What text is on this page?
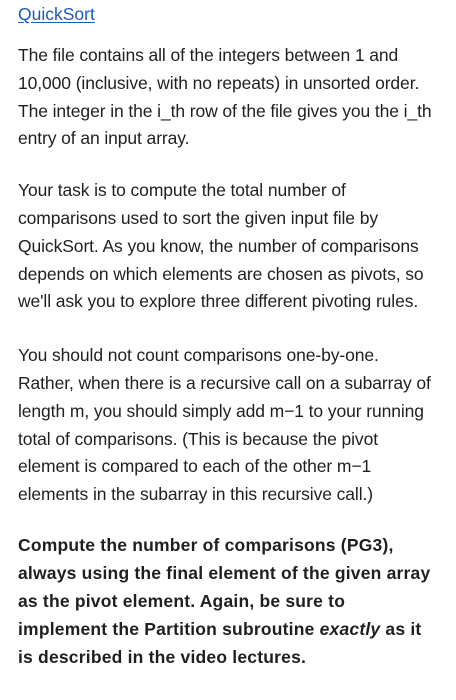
QuickSort

The file contains all of the integers between 1 and 10,000 (inclusive, with no repeats) in unsorted order. The integer in the i_th row of the file gives you the i_th entry of an input array.

Your task is to compute the total number of comparisons used to sort the given input file by QuickSort. As you know, the number of comparisons depends on which elements are chosen as pivots, so we'll ask you to explore three different pivoting rules.

You should not count comparisons one-by-one. Rather, when there is a recursive call on a subarray of length m, you should simply add m−1 to your running total of comparisons. (This is because the pivot element is compared to each of the other m−1 elements in the subarray in this recursive call.)

Compute the number of comparisons (PG3), always using the final element of the given array as the pivot element. Again, be sure to implement the Partition subroutine exactly as it is described in the video lectures.
